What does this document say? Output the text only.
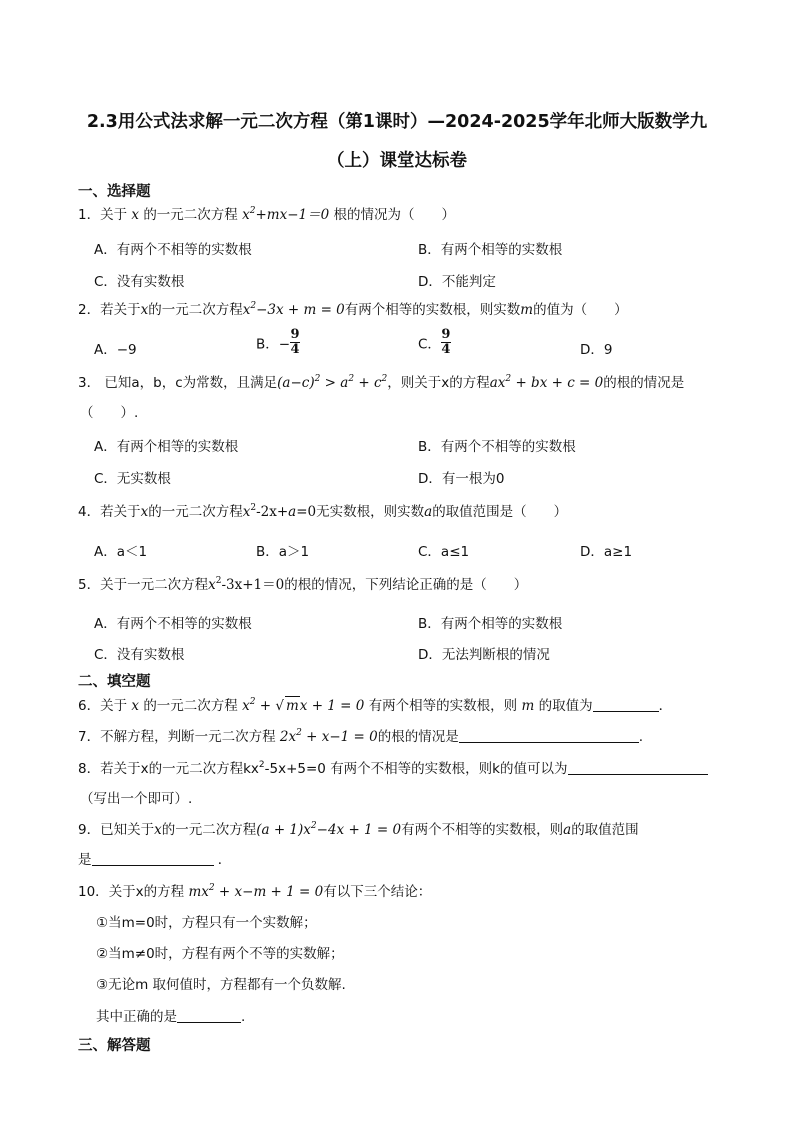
2.3用公式法求解一元二次方程（第1课时）—2024-2025学年北师大版数学九
（上）课堂达标卷
一、选择题
1．关于 x 的一元二次方程 $x^2+mx-1=0$ 根的情况为（　　）
A．有两个不相等的实数根	B．有两个相等的实数根
C．没有实数根	D．不能判定
2．若关于x的一元二次方程$x^2-3x + m = 0$有两个相等的实数根，则实数m的值为（　　）
A．−9	B．− $\frac{9}{4}$	C． $\frac{9}{4}$	D．9
3． 已知a，b，c为常数，且满足$(a-c)^2 > a^2 + c^2$，则关于x的方程$ax^2$ + bx + c = 0的根的情况是
（　　）.
A．有两个相等的实数根	B．有两个不相等的实数根
C．无实数根	D．有一根为0
4．若关于x的一元二次方程$x^2-2x+a=0$无实数根，则实数a的取值范围是（　　）
A．a＜1	B．a＞1	C．a≤1	D．a≥1
5．关于一元二次方程$x^2-3x+1=0$的根的情况，下列结论正确的是（　　）
A．有两个不相等的实数根	B．有两个相等的实数根
C．没有实数根	D．无法判断根的情况
二、填空题
6．关于 x 的一元二次方程 $x^2$ + √ mx + 1 = 0 有两个相等的实数根，则 m 的取值为	．
7．不解方程，判断一元二次方程 $2x^2 + x-1 = 0$的根的情况是	.
8．若关于x的一元二次方程$kx^2-5x+5=0$ 有两个不相等的实数根，则k的值可以为
（写出一个即可）.
9．已知关于x的一元二次方程$(a + 1)x^2-4x + 1 = 0$有两个不相等的实数根，则a的取值范围
是	．
10．关于x的方程 $mx^2 + x-m + 1 = 0$有以下三个结论：
①当m=0时，方程只有一个实数解；
②当m≠0时，方程有两个不等的实数解；
③无论m 取何值时，方程都有一个负数解.
其中正确的是	.
三、解答题
